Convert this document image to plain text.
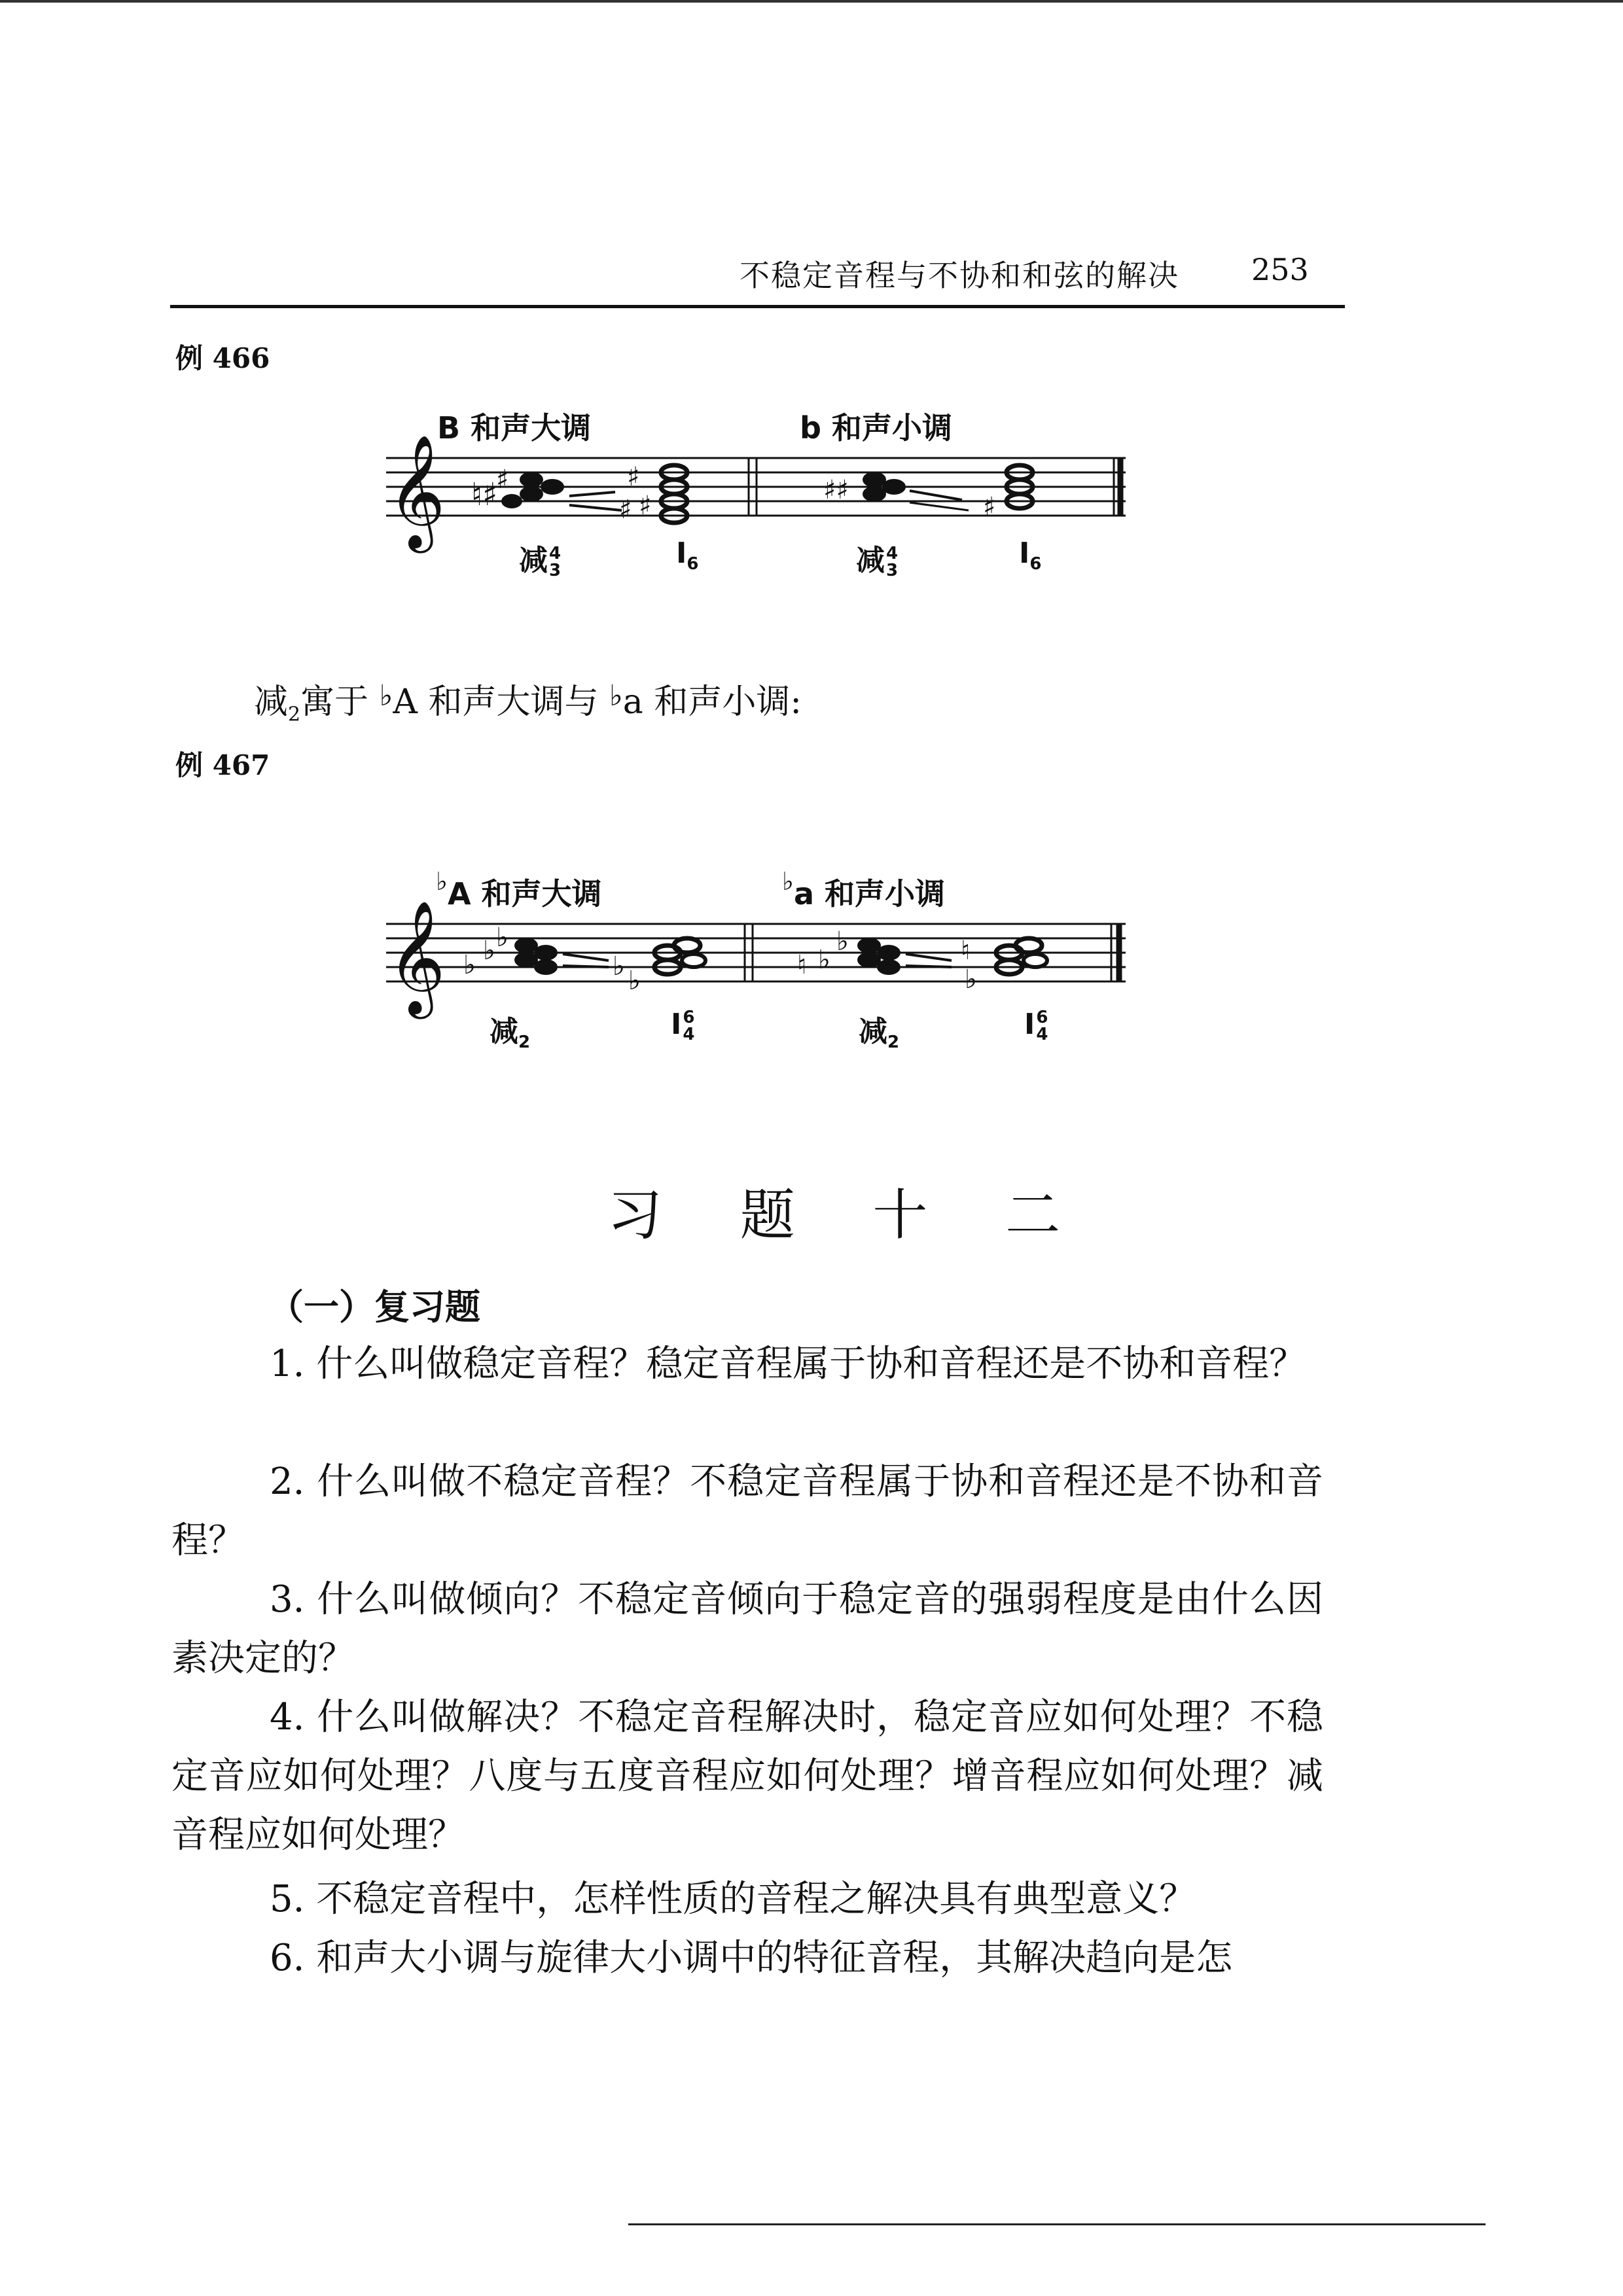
不稳定音程与不协和和弦的解决 253
例 466
B 和声大调	b 和声小调
𝄞 ♮♯
♯	♯
♯ ♯
♯♯
♯
减 4
3
$I_6$	减 4
3
$I_6$
减$_2$寓于 ♭A 和声大调与 ♭a 和声小调:
例 467
♭A 和声大调	♭a 和声小调
𝄞 ♭ ♭ ♭
♭ ♭
♮ ♭
♭	♮
♭
减$_2$
I 6
4	减$_2$
I 6
4
习 题 十 二
（一）复习题
1. 什么叫做稳定音程？稳定音程属于协和音程还是不协和音程？
2. 什么叫做不稳定音程？不稳定音程属于协和音程还是不协和音程？
3. 什么叫做倾向？不稳定音倾向于稳定音的强弱程度是由什么因素决定的？
4. 什么叫做解决？不稳定音程解决时，稳定音应如何处理？不稳定音应如何处理？八度与五度音程应如何处理？增音程应如何处理？减音程应如何处理？
5. 不稳定音程中，怎样性质的音程之解决具有典型意义？
6. 和声大小调与旋律大小调中的特征音程，其解决趋向是怎
